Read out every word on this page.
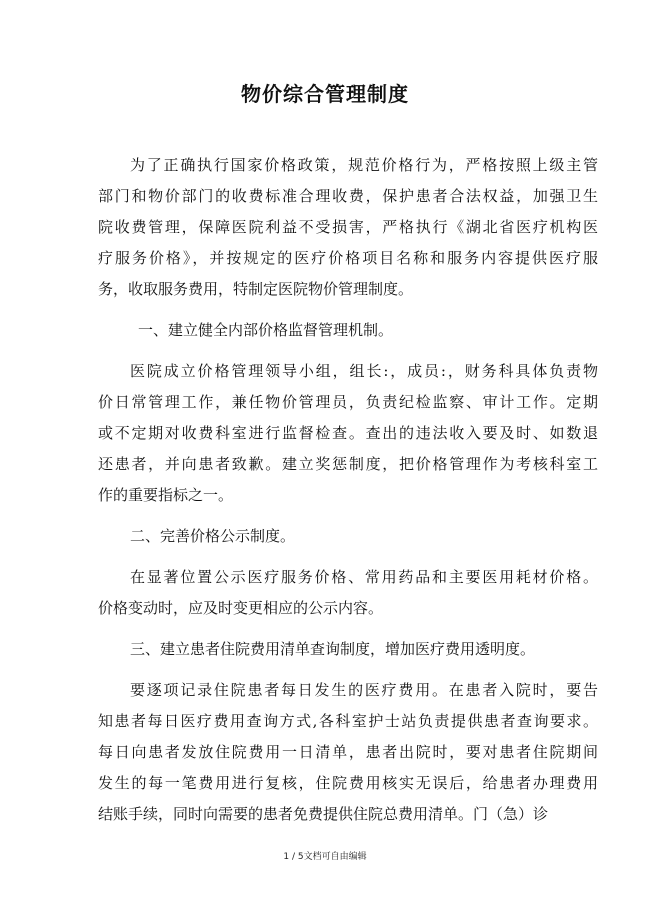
物价综合管理制度
为了正确执行国家价格政策，规范价格行为，严格按照上级主管
部门和物价部门的收费标准合理收费，保护患者合法权益，加强卫生
院收费管理，保障医院利益不受损害，严格执行《湖北省医疗机构医
疗服务价格》，并按规定的医疗价格项目名称和服务内容提供医疗服
务，收取服务费用，特制定医院物价管理制度。
一、建立健全内部价格监督管理机制。
医院成立价格管理领导小组，组长:，成员:，财务科具体负责物
价日常管理工作，兼任物价管理员，负责纪检监察、审计工作。定期
或不定期对收费科室进行监督检查。查出的违法收入要及时、如数退
还患者，并向患者致歉。建立奖惩制度，把价格管理作为考核科室工
作的重要指标之一。
二、完善价格公示制度。
在显著位置公示医疗服务价格、常用药品和主要医用耗材价格。
价格变动时，应及时变更相应的公示内容。
三、建立患者住院费用清单查询制度，增加医疗费用透明度。
要逐项记录住院患者每日发生的医疗费用。在患者入院时，要告
知患者每日医疗费用查询方式,各科室护士站负责提供患者查询要求。
每日向患者发放住院费用一日清单，患者出院时，要对患者住院期间
发生的每一笔费用进行复核，住院费用核实无误后，给患者办理费用
结账手续，同时向需要的患者免费提供住院总费用清单。门（急）诊
1 / 5文档可自由编辑
